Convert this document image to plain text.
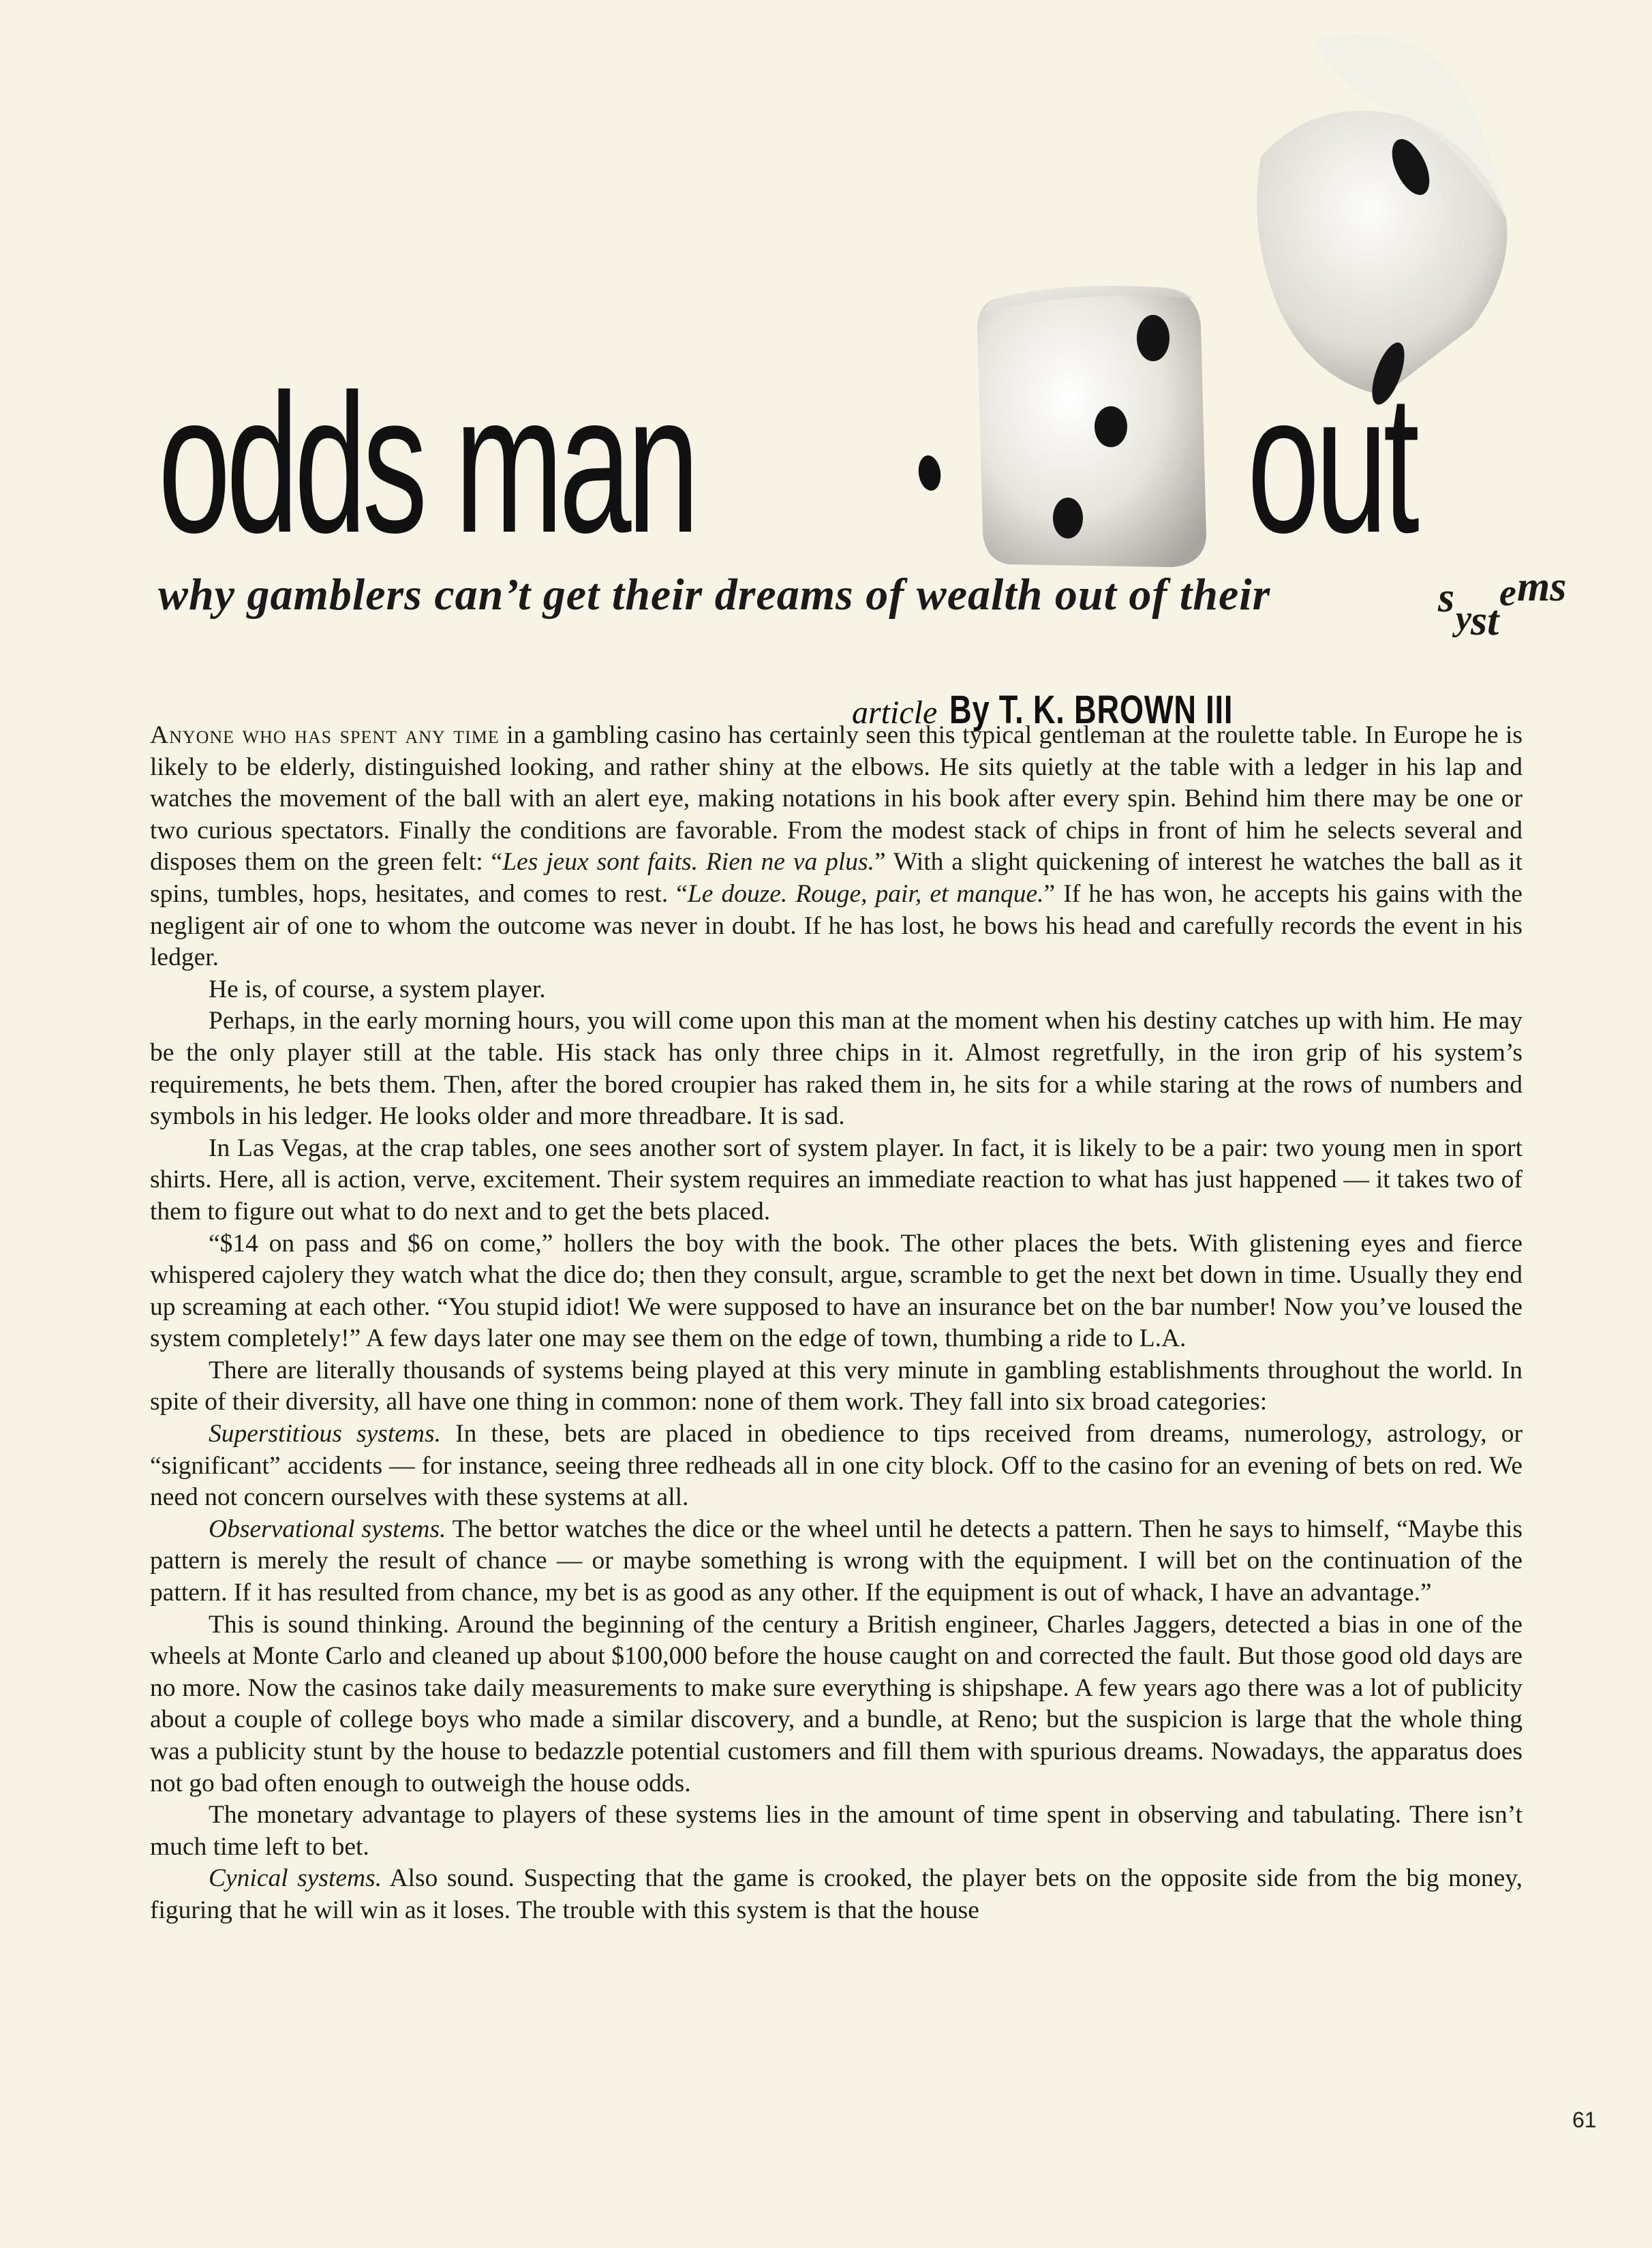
odds man	out
why gamblers can’t get their dreams of wealth out of their	s y
st
e ms
article By T. K. BROWN III

Anyone who has spent any time in a gambling casino has certainly seen this typical gentleman at the roulette table. In Europe he is likely to be elderly, distinguished looking, and rather shiny at the elbows. He sits quietly at the table with a ledger in his lap and watches the movement of the ball with an alert eye, making notations in his book after every spin. Behind him there may be one or two curious spectators. Finally the conditions are favorable. From the modest stack of chips in front of him he selects several and disposes them on the green felt: “Les jeux sont faits. Rien ne va plus.” With a slight quickening of interest he watches the ball as it spins, tumbles, hops, hesitates, and comes to rest. “Le douze. Rouge, pair, et manque.” If he has won, he accepts his gains with the negligent air of one to whom the outcome was never in doubt. If he has lost, he bows his head and carefully records the event in his ledger.

He is, of course, a system player.

Perhaps, in the early morning hours, you will come upon this man at the moment when his destiny catches up with him. He may be the only player still at the table. His stack has only three chips in it. Almost regretfully, in the iron grip of his system’s requirements, he bets them. Then, after the bored croupier has raked them in, he sits for a while staring at the rows of numbers and symbols in his ledger. He looks older and more threadbare. It is sad.

In Las Vegas, at the crap tables, one sees another sort of system player. In fact, it is likely to be a pair: two young men in sport shirts. Here, all is action, verve, excitement. Their system requires an immediate reaction to what has just happened — it takes two of them to figure out what to do next and to get the bets placed.

“$14 on pass and $6 on come,” hollers the boy with the book. The other places the bets. With glistening eyes and fierce whispered cajolery they watch what the dice do; then they consult, argue, scramble to get the next bet down in time. Usually they end up screaming at each other. “You stupid idiot! We were supposed to have an insurance bet on the bar number! Now you’ve loused the system completely!” A few days later one may see them on the edge of town, thumbing a ride to L.A.

There are literally thousands of systems being played at this very minute in gambling establishments throughout the world. In spite of their diversity, all have one thing in common: none of them work. They fall into six broad categories:

Superstitious systems. In these, bets are placed in obedience to tips received from dreams, numerology, astrology, or “significant” accidents — for instance, seeing three redheads all in one city block. Off to the casino for an evening of bets on red. We need not concern ourselves with these systems at all.

Observational systems. The bettor watches the dice or the wheel until he detects a pattern. Then he says to himself, “Maybe this pattern is merely the result of chance — or maybe something is wrong with the equipment. I will bet on the continuation of the pattern. If it has resulted from chance, my bet is as good as any other. If the equipment is out of whack, I have an advantage.”

This is sound thinking. Around the beginning of the century a British engineer, Charles Jaggers, detected a bias in one of the wheels at Monte Carlo and cleaned up about $100,000 before the house caught on and corrected the fault. But those good old days are no more. Now the casinos take daily measurements to make sure everything is shipshape. A few years ago there was a lot of publicity about a couple of college boys who made a similar discovery, and a bundle, at Reno; but the suspicion is large that the whole thing was a publicity stunt by the house to bedazzle potential customers and fill them with spurious dreams. Nowadays, the apparatus does not go bad often enough to outweigh the house odds.

The monetary advantage to players of these systems lies in the amount of time spent in observing and tabulating. There isn’t much time left to bet.

Cynical systems. Also sound. Suspecting that the game is crooked, the player bets on the opposite side from the big money, figuring that he will win as it loses. The trouble with this system is that the house

61
